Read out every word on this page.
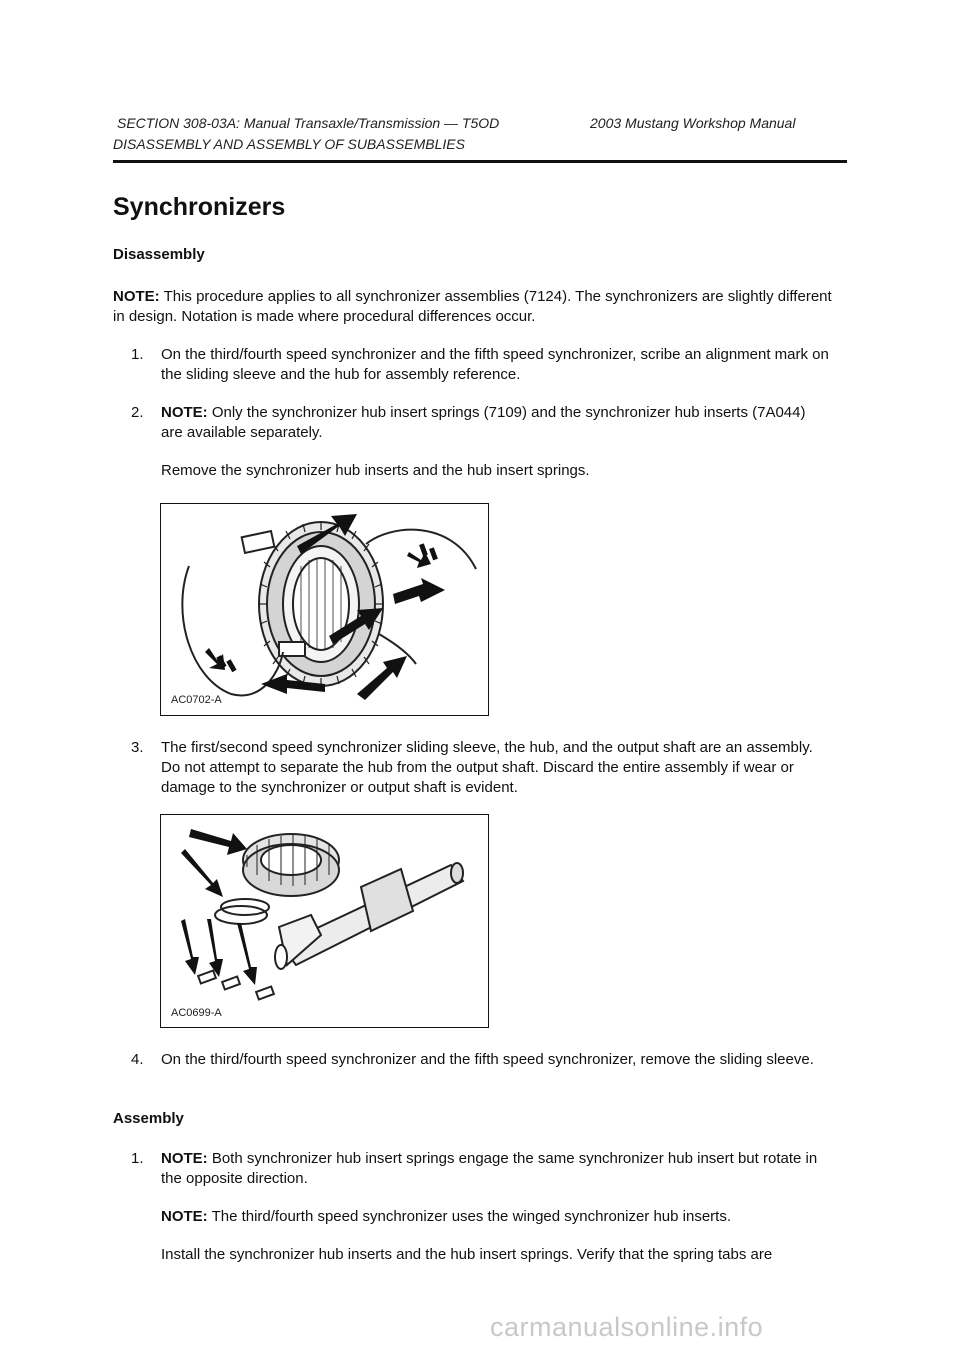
SECTION 308-03A: Manual Transaxle/Transmission — T5OD	2003 Mustang Workshop Manual
DISASSEMBLY AND ASSEMBLY OF SUBASSEMBLIES
Synchronizers
Disassembly
NOTE: This procedure applies to all synchronizer assemblies (7124). The synchronizers are slightly different in design. Notation is made where procedural differences occur.
1.	On the third/fourth speed synchronizer and the fifth speed synchronizer, scribe an alignment mark on the sliding sleeve and the hub for assembly reference.

2.	NOTE: Only the synchronizer hub insert springs (7109) and the synchronizer hub inserts (7A044) are available separately.

Remove the synchronizer hub inserts and the hub insert springs.

AC0702-A
3.	The first/second speed synchronizer sliding sleeve, the hub, and the output shaft are an assembly. Do not attempt to separate the hub from the output shaft. Discard the entire assembly if wear or damage to the synchronizer or output shaft is evident.

AC0699-A
4.	On the third/fourth speed synchronizer and the fifth speed synchronizer, remove the sliding sleeve.

Assembly
1.	NOTE: Both synchronizer hub insert springs engage the same synchronizer hub insert but rotate in the opposite direction.

NOTE: The third/fourth speed synchronizer uses the winged synchronizer hub inserts.

Install the synchronizer hub inserts and the hub insert springs. Verify that the spring tabs are

carmanualsonline.info
